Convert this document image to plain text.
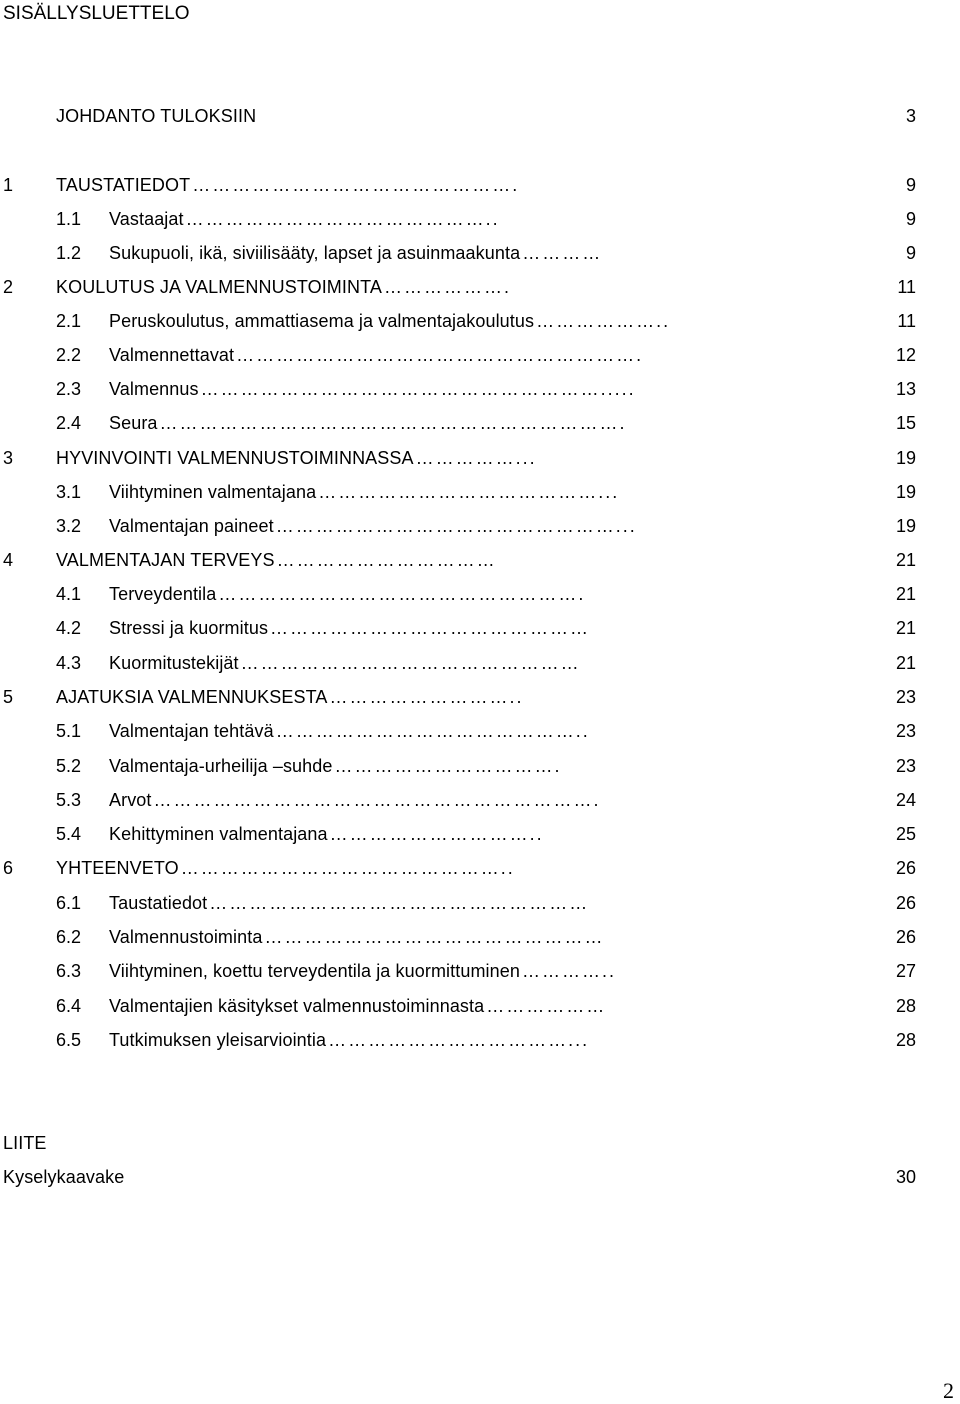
SISÄLLYSLUETTELO
JOHDANTO TULOKSIIN	3
1 TAUSTATIEDOT	9
………………………………………….
1.1 Vastaajat	9
………………………………………..
1.2 Sukupuoli, ikä, siviilisääty, lapset ja asuinmaakunta	9
…………
2 KOULUTUS JA VALMENNUSTOIMINTA	11
……………….
2.1 Peruskoulutus, ammattiasema ja valmentajakoulutus	11
………………..
2.2 Valmennettavat	12
…………………………………………………….
2.3 Valmennus	13
…………………………………………………….....
2.4 Seura	15
…………………………………………………………….
3 HYVINVOINTI VALMENNUSTOIMINNASSA	19
……………...
3.1 Viihtyminen valmentajana	19
……………………………………...
3.2 Valmentajan paineet	19
……………………………………………...
4 VALMENTAJAN TERVEYS	21
……………………………
4.1 Terveydentila	21
……………………………………………….
4.2 Stressi ja kuormitus	21
…………………………………………
4.3 Kuormitustekijät	21
……………………………………………
5 AJATUKSIA VALMENNUKSESTA	23
………………………..
5.1 Valmentajan tehtävä	23
………………………………………..
5.2 Valmentaja-urheilija –suhde	23
…………………………….
5.3 Arvot	24
………………………………………………………….
5.4 Kehittyminen valmentajana	25
…………………………..
6 YHTEENVETO	26
…………………………………………..
6.1 Taustatiedot	26
…………………………………………………
6.2 Valmennustoiminta	26
……………………………………………
6.3 Viihtyminen, koettu terveydentila ja kuormittuminen	27
…………..
6.4 Valmentajien käsitykset valmennustoiminnasta	28
………………
6.5 Tutkimuksen yleisarviointia	28
………………………………...
LIITE
Kyselykaavake	30
2
